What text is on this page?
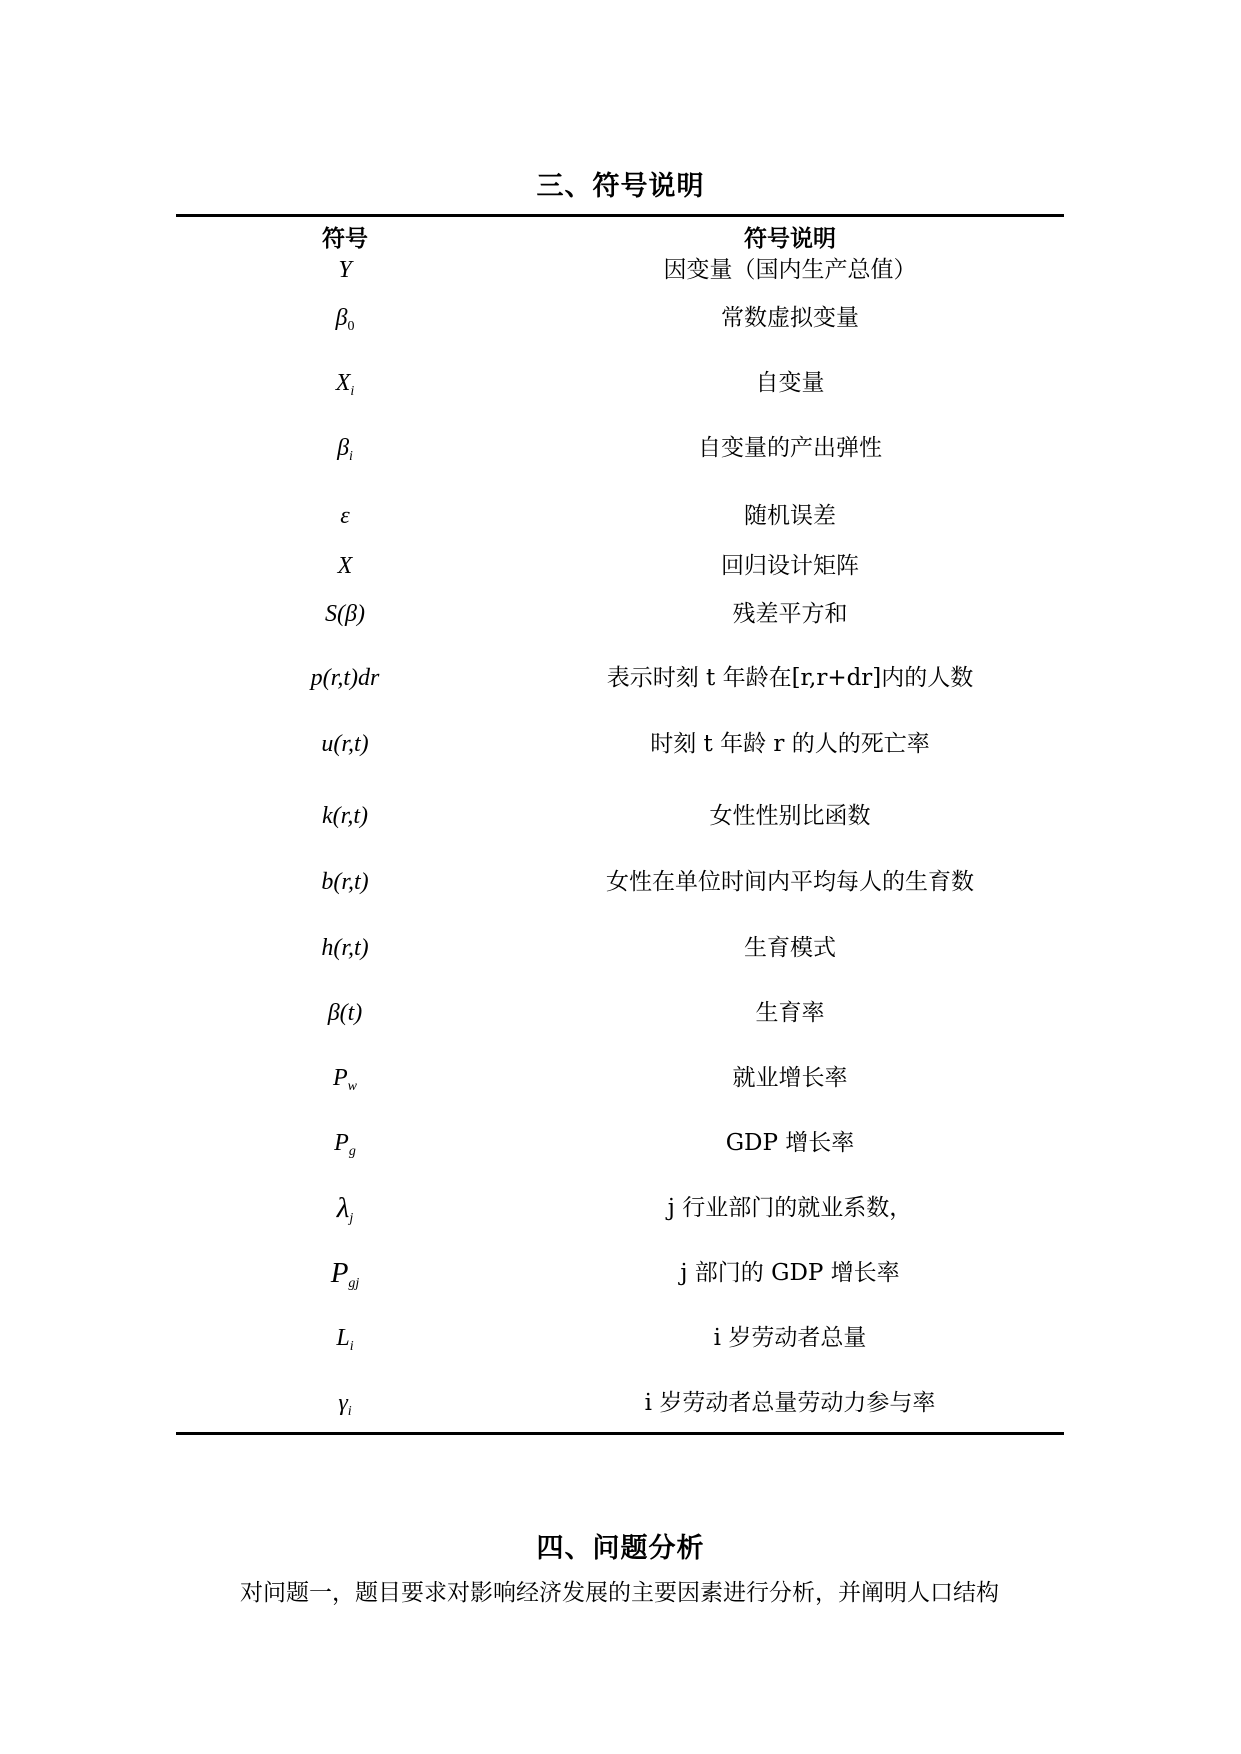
三、符号说明
符号	符号说明
Y	因变量（国内生产总值）
$\beta_0$	常数虚拟变量
$X_i$	自变量
$\beta_i$	自变量的产出弹性
ε	随机误差
X	回归设计矩阵
S(β)	残差平方和
p(r,t)dr	表示时刻 t 年龄在[r,r+dr]内的人数
u(r,t)	时刻 t 年龄 r 的人的死亡率
k(r,t)	女性性别比函数
b(r,t)	女性在单位时间内平均每人的生育数
h(r,t)	生育模式
β(t)	生育率
$P_w$	就业增长率
$P_g$	GDP 增长率
$\lambda_j$	j 行业部门的就业系数，
$P_{gj}$	j 部门的 GDP 增长率
$L_i$	i 岁劳动者总量
$\gamma_i$	i 岁劳动者总量劳动力参与率
四、问题分析
对问题一，题目要求对影响经济发展的主要因素进行分析，并阐明人口结构
